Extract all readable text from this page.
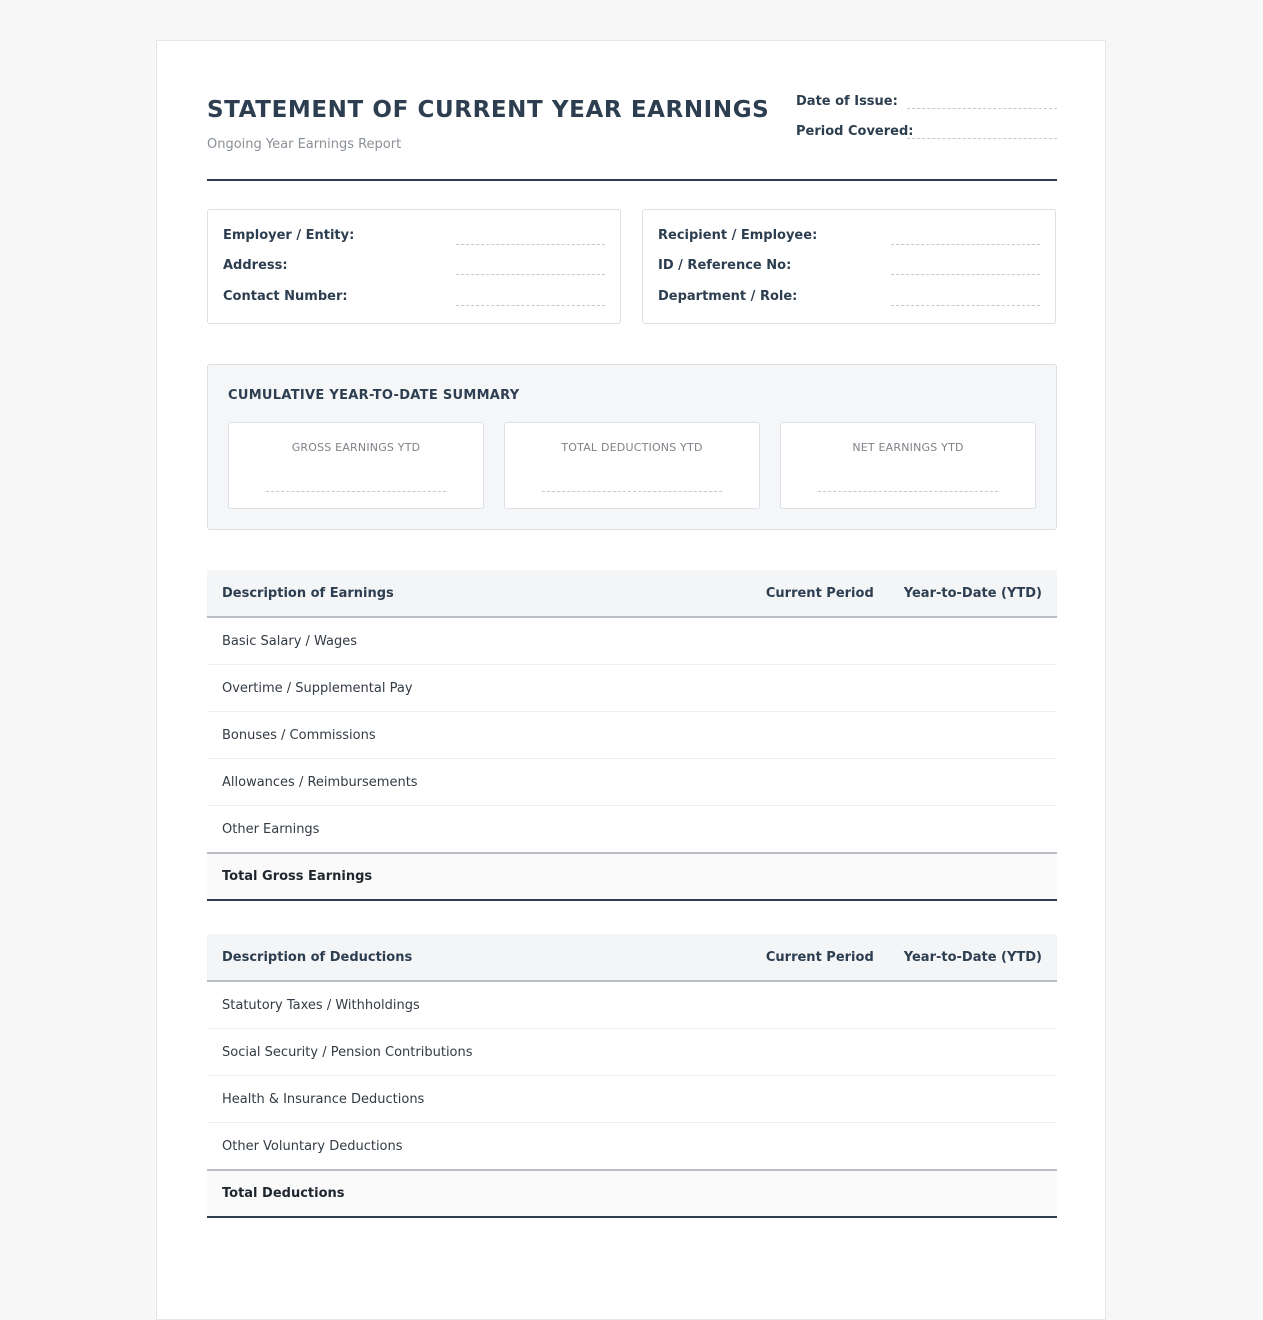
STATEMENT OF CURRENT YEAR EARNINGS
Ongoing Year Earnings Report
Date of Issue:
Period Covered:
Employer / Entity:
Address:
Contact Number:
Recipient / Employee:
ID / Reference No:
Department / Role:
CUMULATIVE YEAR-TO-DATE SUMMARY
GROSS EARNINGS YTD	TOTAL DEDUCTIONS YTD	NET EARNINGS YTD
Description of Earnings	Current Period	Year-to-Date (YTD)
Basic Salary / Wages		
Overtime / Supplemental Pay		
Bonuses / Commissions		
Allowances / Reimbursements		
Other Earnings		
Total Gross Earnings		
Description of Deductions	Current Period	Year-to-Date (YTD)
Statutory Taxes / Withholdings		
Social Security / Pension Contributions		
Health & Insurance Deductions		
Other Voluntary Deductions		
Total Deductions		
